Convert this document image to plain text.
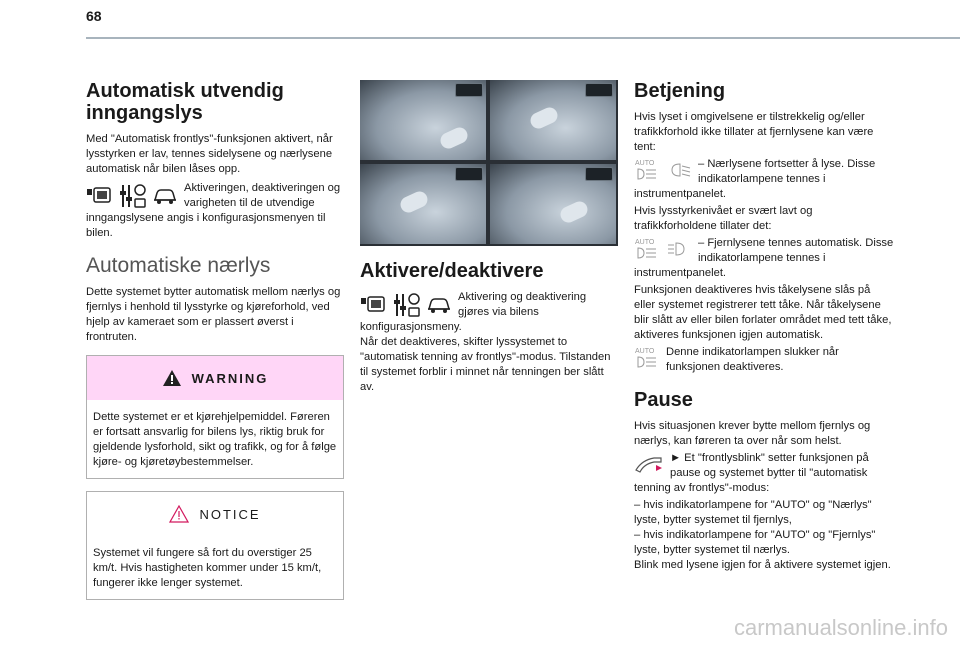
68
Automatisk utvendig inngangslys

Med "Automatisk frontlys"-funksjonen aktivert, når lysstyrken er lav, tennes sidelysene og nærlysene automatisk når bilen låses opp.

Aktiveringen, deaktiveringen og varigheten til de utvendige inngangslysene angis i konfigurasjonsmenyen til bilen.

Automatiske nærlys

Dette systemet bytter automatisk mellom nærlys og fjernlys i henhold til lysstyrke og kjøreforhold, ved hjelp av kameraet som er plassert øverst i frontruten.

WARNING

Dette systemet er et kjørehjelpemiddel. Føreren er fortsatt ansvarlig for bilens lys, riktig bruk for gjeldende lysforhold, sikt og trafikk, og for å følge kjøre- og kjøretøybestemmelser.

NOTICE

Systemet vil fungere så fort du overstiger 25 km/t. Hvis hastigheten kommer under 15 km/t, fungerer ikke lenger systemet.

Aktivere/deaktivere

Aktivering og deaktivering gjøres via bilens konfigurasjonsmeny.

Når det deaktiveres, skifter lyssystemet to "automatisk tenning av frontlys"-modus. Tilstanden til systemet forblir i minnet når tenningen ber slått av.

Betjening

Hvis lyset i omgivelsene er tilstrekkelig og/eller trafikkforhold ikke tillater at fjernlysene kan være tent:

AUTO	– Nærlysene fortsetter å lyse. Disse indikatorlampene tennes i instrumentpanelet.

Hvis lysstyrkenivået er svært lavt og trafikkforholdene tillater det:

AUTO	– Fjernlysene tennes automatisk. Disse indikatorlampene tennes i instrumentpanelet.

Funksjonen deaktiveres hvis tåkelysene slås på eller systemet registrerer tett tåke. Når tåkelysene blir slått av eller bilen forlater området med tett tåke, aktiveres funksjonen igjen automatisk.

AUTO	Denne indikatorlampen slukker når funksjonen deaktiveres.

Pause

Hvis situasjonen krever bytte mellom fjernlys og nærlys, kan føreren ta over når som helst.

► Et "frontlysblink" setter funksjonen på pause og systemet bytter til "automatisk tenning av frontlys"-modus:

– hvis indikatorlampene for "AUTO" og "Nærlys" lyste, bytter systemet til fjernlys,

– hvis indikatorlampene for "AUTO" og "Fjernlys" lyste, bytter systemet til nærlys.

Blink med lysene igjen for å aktivere systemet igjen.

carmanualsonline.info
